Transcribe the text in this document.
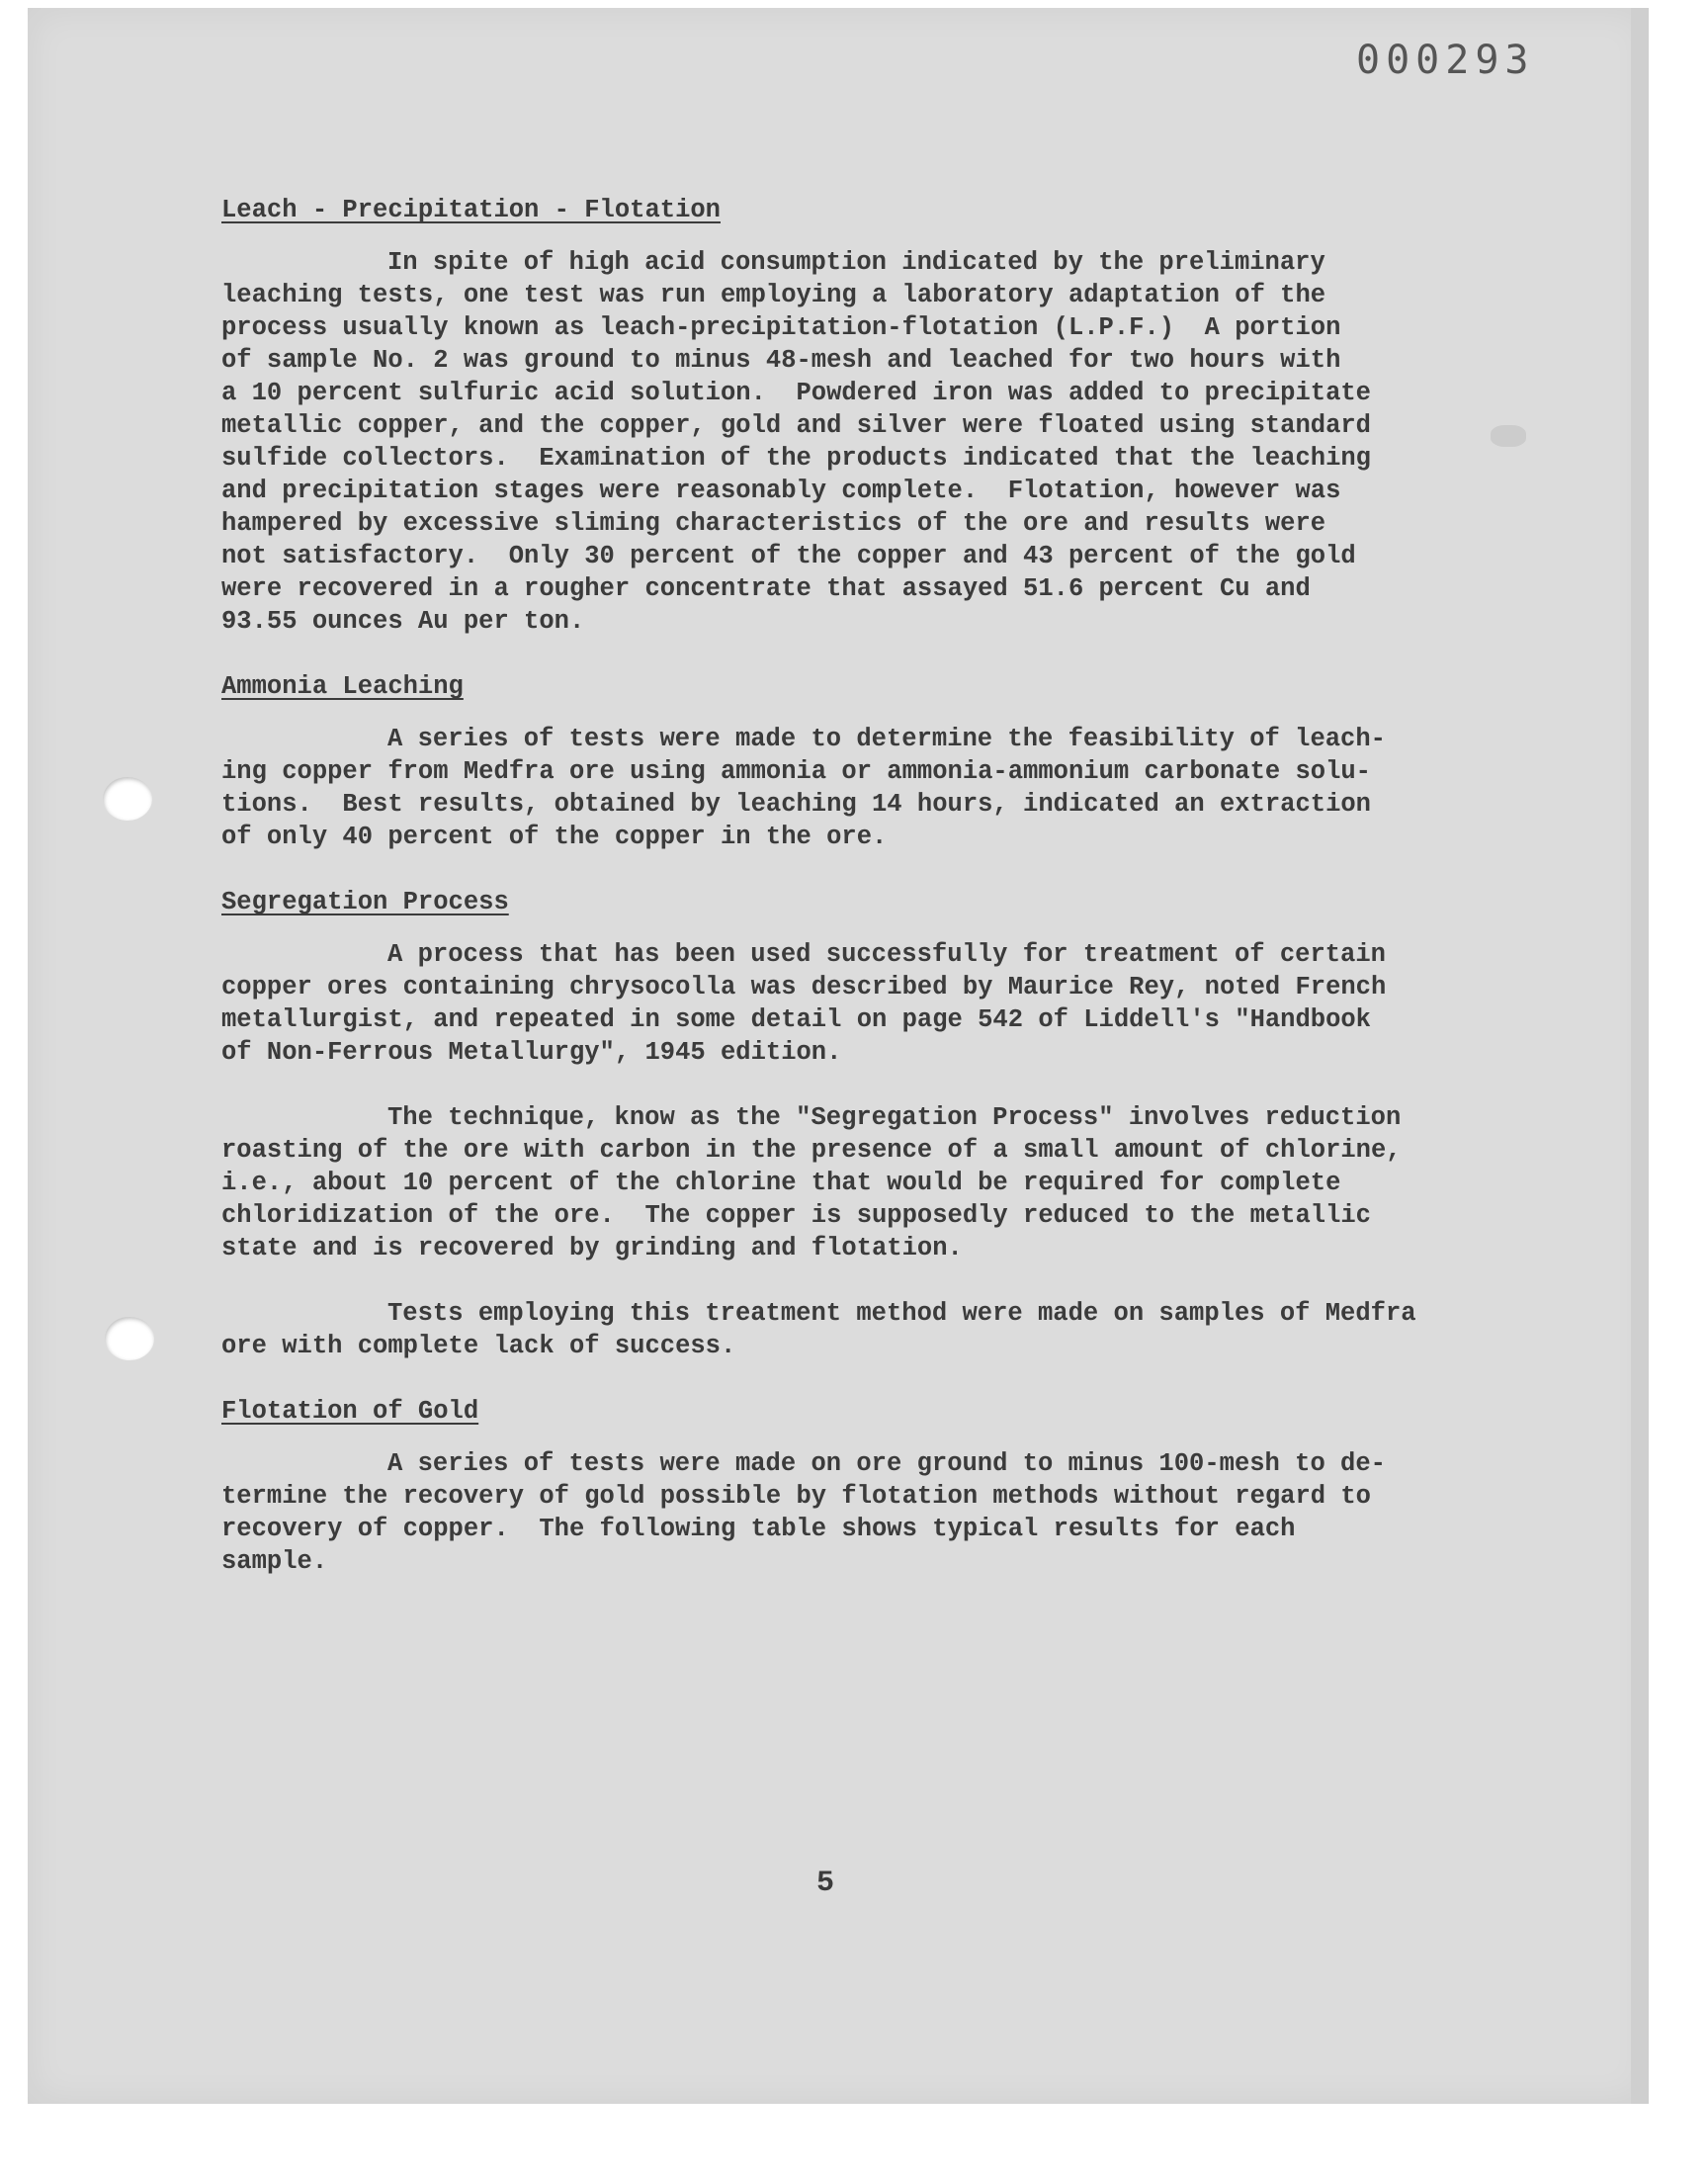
000293
Leach - Precipitation - Flotation
In spite of high acid consumption indicated by the preliminary
leaching tests, one test was run employing a laboratory adaptation of the
process usually known as leach-precipitation-flotation (L.P.F.)  A portion
of sample No. 2 was ground to minus 48-mesh and leached for two hours with
a 10 percent sulfuric acid solution.  Powdered iron was added to precipitate
metallic copper, and the copper, gold and silver were floated using standard
sulfide collectors.  Examination of the products indicated that the leaching
and precipitation stages were reasonably complete.  Flotation, however was
hampered by excessive sliming characteristics of the ore and results were
not satisfactory.  Only 30 percent of the copper and 43 percent of the gold
were recovered in a rougher concentrate that assayed 51.6 percent Cu and
93.55 ounces Au per ton.
Ammonia Leaching
A series of tests were made to determine the feasibility of leach-
ing copper from Medfra ore using ammonia or ammonia-ammonium carbonate solu-
tions.  Best results, obtained by leaching 14 hours, indicated an extraction
of only 40 percent of the copper in the ore.
Segregation Process
A process that has been used successfully for treatment of certain
copper ores containing chrysocolla was described by Maurice Rey, noted French
metallurgist, and repeated in some detail on page 542 of Liddell's "Handbook
of Non-Ferrous Metallurgy", 1945 edition.
The technique, know as the "Segregation Process" involves reduction
roasting of the ore with carbon in the presence of a small amount of chlorine,
i.e., about 10 percent of the chlorine that would be required for complete
chloridization of the ore.  The copper is supposedly reduced to the metallic
state and is recovered by grinding and flotation.
Tests employing this treatment method were made on samples of Medfra
ore with complete lack of success.
Flotation of Gold
A series of tests were made on ore ground to minus 100-mesh to de-
termine the recovery of gold possible by flotation methods without regard to
recovery of copper.  The following table shows typical results for each
sample.
5
